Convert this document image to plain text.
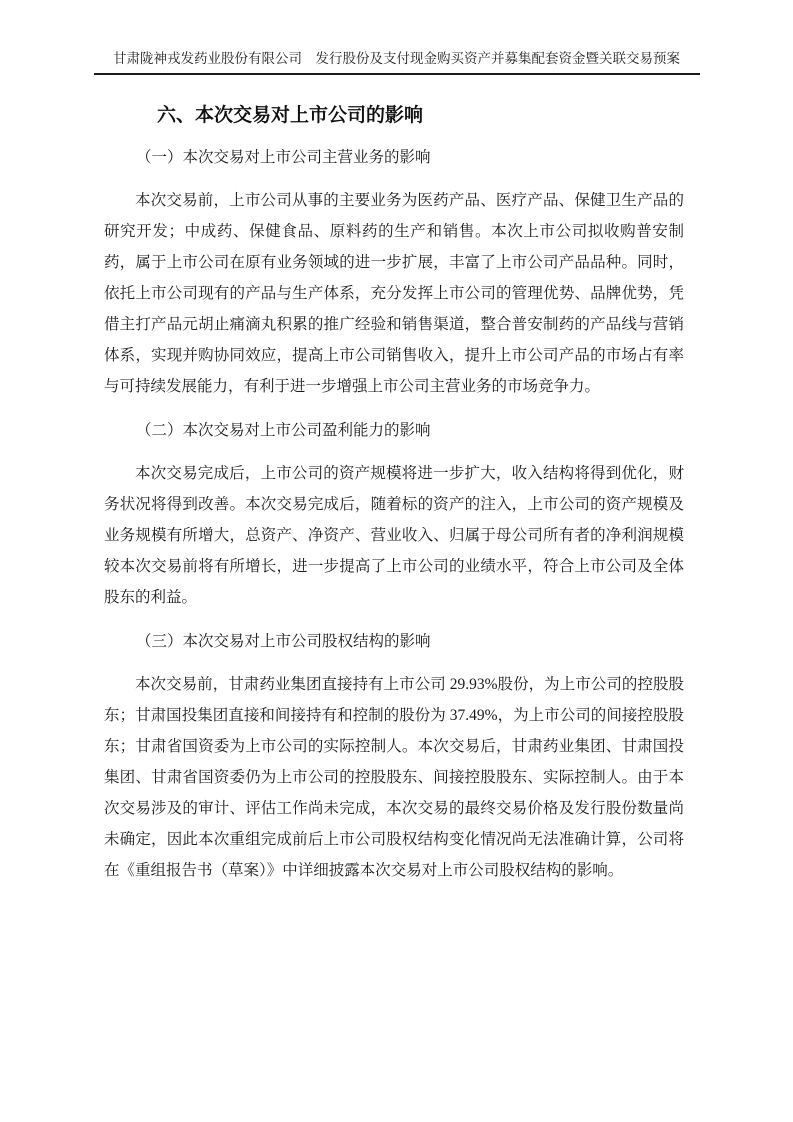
甘肃陇神戎发药业股份有限公司　发行股份及支付现金购买资产并募集配套资金暨关联交易预案
六、本次交易对上市公司的影响
（一）本次交易对上市公司主营业务的影响

本次交易前，上市公司从事的主要业务为医药产品、医疗产品、保健卫生产品的研究开发；中成药、保健食品、原料药的生产和销售。本次上市公司拟收购普安制药，属于上市公司在原有业务领域的进一步扩展，丰富了上市公司产品品种。同时，依托上市公司现有的产品与生产体系，充分发挥上市公司的管理优势、品牌优势，凭借主打产品元胡止痛滴丸积累的推广经验和销售渠道，整合普安制药的产品线与营销体系，实现并购协同效应，提高上市公司销售收入，提升上市公司产品的市场占有率与可持续发展能力，有利于进一步增强上市公司主营业务的市场竞争力。

（二）本次交易对上市公司盈利能力的影响

本次交易完成后，上市公司的资产规模将进一步扩大，收入结构将得到优化，财务状况将得到改善。本次交易完成后，随着标的资产的注入，上市公司的资产规模及业务规模有所增大，总资产、净资产、营业收入、归属于母公司所有者的净利润规模较本次交易前将有所增长，进一步提高了上市公司的业绩水平，符合上市公司及全体股东的利益。

（三）本次交易对上市公司股权结构的影响

本次交易前，甘肃药业集团直接持有上市公司 29.93%股份，为上市公司的控股股东；甘肃国投集团直接和间接持有和控制的股份为 37.49%，为上市公司的间接控股股东；甘肃省国资委为上市公司的实际控制人。本次交易后，甘肃药业集团、甘肃国投集团、甘肃省国资委仍为上市公司的控股股东、间接控股股东、实际控制人。由于本次交易涉及的审计、评估工作尚未完成，本次交易的最终交易价格及发行股份数量尚未确定，因此本次重组完成前后上市公司股权结构变化情况尚无法准确计算，公司将在《重组报告书（草案）》中详细披露本次交易对上市公司股权结构的影响。
